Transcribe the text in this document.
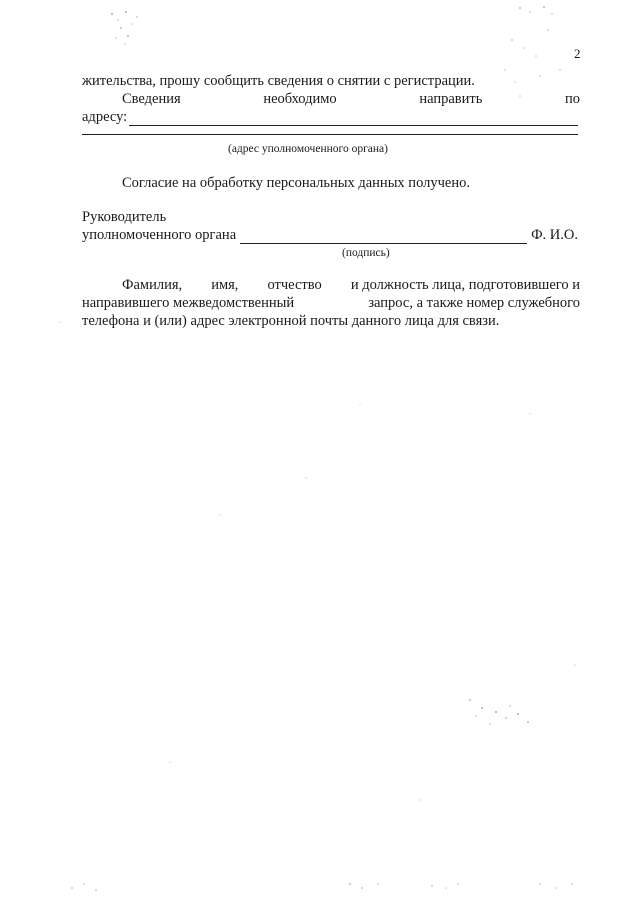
2
жительства, прошу сообщить сведения о снятии с регистрации.
Сведения	необходимо	направить	по
адресу:
(адрес уполномоченного органа)
Согласие на обработку персональных данных получено.
Руководитель
уполномоченного органа	Ф. И.О.
(подпись)
Фамилия, имя, отчество и должность лица, подготовившего и
направившего межведомственный	запрос, а также номер служебного
телефона и (или) адрес электронной почты данного лица для связи.
